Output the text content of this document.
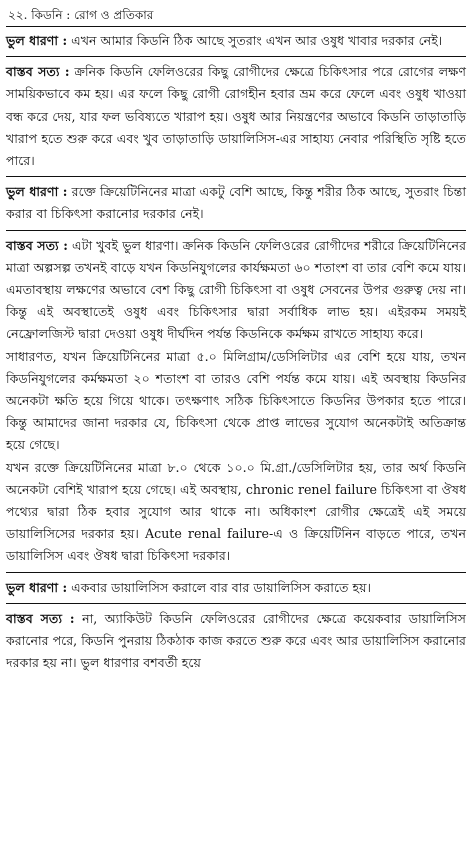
২২. কিডনি : রোগ ও প্রতিকার

ভুল ধারণা : এখন আমার কিডনি ঠিক আছে সুতরাং এখন আর ওষুধ খাবার দরকার নেই।

বাস্তব সত্য : ক্রনিক কিডনি ফেলিওরের কিছু রোগীদের ক্ষেত্রে চিকিৎসার পরে রোগের লক্ষণ সাময়িকভাবে কম হয়। এর ফলে কিছু রোগী রোগহীন হবার ভ্রম করে ফেলে এবং ওষুধ খাওয়া বন্ধ করে দেয়, যার ফল ভবিষ্যতে খারাপ হয়। ওষুধ আর নিয়ন্ত্রণের অভাবে কিডনি তাড়াতাড়ি খারাপ হতে শুরু করে এবং খুব তাড়াতাড়ি ডায়ালিসিস-এর সাহায্য নেবার পরিস্থিতি সৃষ্টি হতে পারে।

ভুল ধারণা : রক্তে ক্রিয়েটিনিনের মাত্রা একটু বেশি আছে, কিন্তু শরীর ঠিক আছে, সুতরাং চিন্তা করার বা চিকিৎসা করানোর দরকার নেই।

বাস্তব সত্য : এটা খুবই ভুল ধারণা। ক্রনিক কিডনি ফেলিওরের রোগীদের শরীরে ক্রিয়েটিনিনের মাত্রা অল্পসল্প তখনই বাড়ে যখন কিডনিযুগলের কার্যক্ষমতা ৬০ শতাংশ বা তার বেশি কমে যায়। এমতাবস্থায় লক্ষণের অভাবে বেশ কিছু রোগী চিকিৎসা বা ওষুধ সেবনের উপর গুরুত্ব দেয় না। কিন্তু এই অবস্থাতেই ওষুধ এবং চিকিৎসার দ্বারা সর্বাধিক লাভ হয়। এইরকম সময়ই নেফ্রোলজিস্ট দ্বারা দেওয়া ওষুধ দীর্ঘদিন পর্যন্ত কিডনিকে কর্মক্ষম রাখতে সাহায্য করে।

সাধারণত, যখন ক্রিয়েটিনিনের মাত্রা ৫.০ মিলিগ্রাম/ডেসিলিটার এর বেশি হয়ে যায়, তখন কিডনিযুগলের কর্মক্ষমতা ২০ শতাংশ বা তারও বেশি পর্যন্ত কমে যায়। এই অবস্থায় কিডনির অনেকটা ক্ষতি হয়ে গিয়ে থাকে। তৎক্ষণাৎ সঠিক চিকিৎসাতে কিডনির উপকার হতে পারে। কিন্তু আমাদের জানা দরকার যে, চিকিৎসা থেকে প্রাপ্ত লাভের সুযোগ অনেকটাই অতিক্রান্ত হয়ে গেছে।

যখন রক্তে ক্রিয়েটিনিনের মাত্রা ৮.০ থেকে ১০.০ মি.গ্রা./ডেসিলিটার হয়, তার অর্থ কিডনি অনেকটা বেশিই খারাপ হয়ে গেছে। এই অবস্থায়, chronic renel failure চিকিৎসা বা ঔষধ পথ্যের দ্বারা ঠিক হবার সুযোগ আর থাকে না। অধিকাংশ রোগীর ক্ষেত্রেই এই সময়ে ডায়ালিসিসের দরকার হয়। Acute renal failure-এ ও ক্রিয়েটিনিন বাড়তে পারে, তখন ডায়ালিসিস এবং ঔষধ দ্বারা চিকিৎসা দরকার।

ভুল ধারণা : একবার ডায়ালিসিস করালে বার বার ডায়ালিসিস করাতে হয়।

বাস্তব সত্য : না, অ্যাকিউট কিডনি ফেলিওরের রোগীদের ক্ষেত্রে কয়েকবার ডায়ালিসিস করানোর পরে, কিডনি পুনরায় ঠিকঠাক কাজ করতে শুরু করে এবং আর ডায়ালিসিস করানোর দরকার হয় না। ভুল ধারণার বশবর্তী হয়ে
